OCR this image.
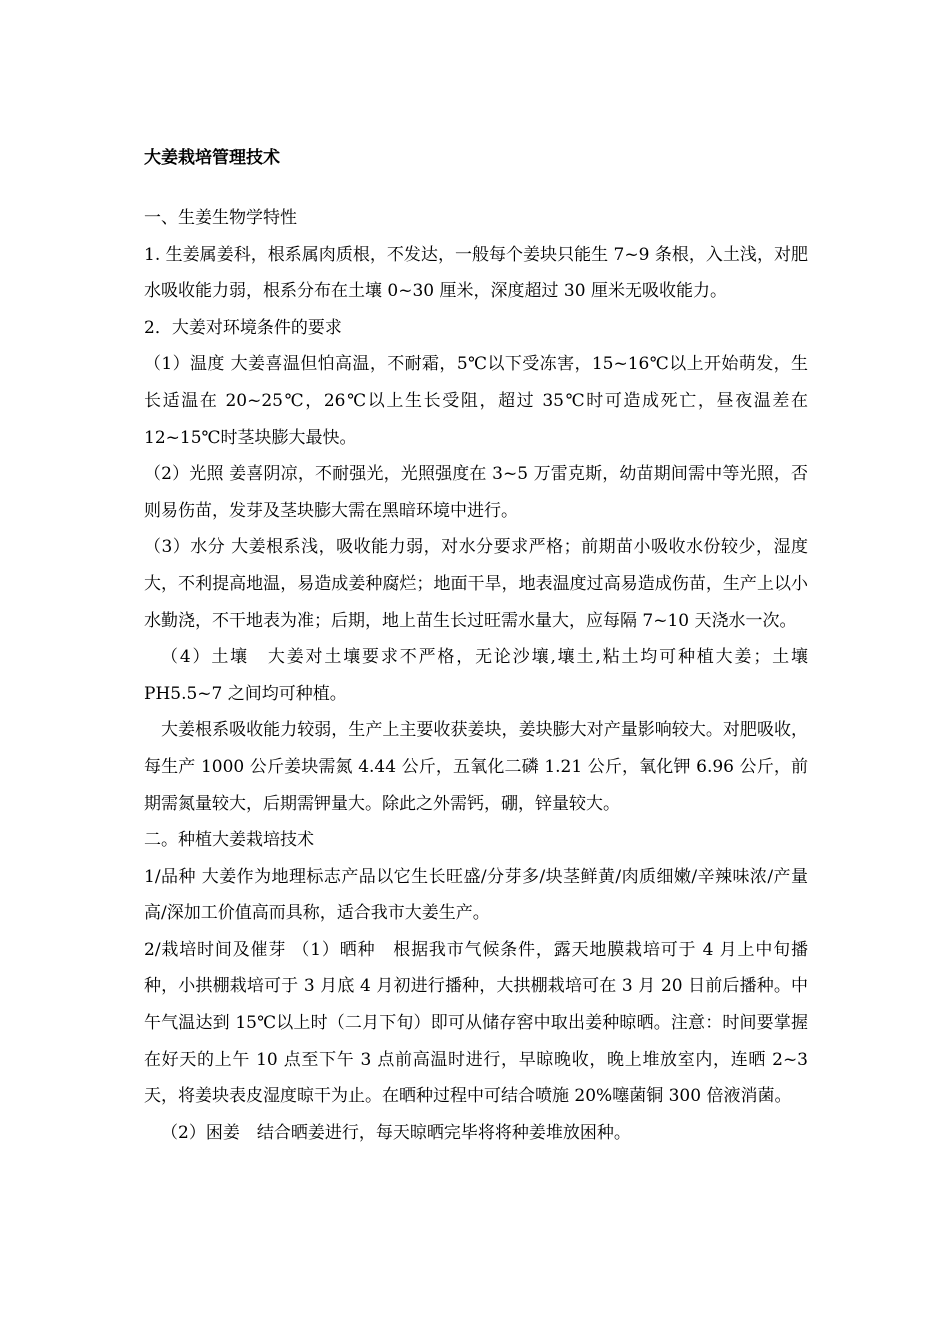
大姜栽培管理技术

一、生姜生物学特性

1. 生姜属姜科，根系属肉质根，不发达，一般每个姜块只能生 7~9 条根，入土浅，对肥水吸收能力弱，根系分布在土壤 0~30 厘米，深度超过 30 厘米无吸收能力。

2．大姜对环境条件的要求

（1）温度 大姜喜温但怕高温，不耐霜，5℃以下受冻害，15~16℃以上开始萌发，生长适温在 20~25℃，26℃以上生长受阻，超过 35℃时可造成死亡，昼夜温差在 12~15℃时茎块膨大最快。

（2）光照 姜喜阴凉，不耐强光，光照强度在 3~5 万雷克斯，幼苗期间需中等光照，否则易伤苗，发芽及茎块膨大需在黑暗环境中进行。

（3）水分 大姜根系浅，吸收能力弱，对水分要求严格；前期苗小吸收水份较少，湿度大，不利提高地温，易造成姜种腐烂；地面干旱，地表温度过高易造成伤苗，生产上以小水勤浇，不干地表为准；后期，地上苗生长过旺需水量大，应每隔 7~10 天浇水一次。

（4）土壤　大姜对土壤要求不严格，无论沙壤,壤土,粘土均可种植大姜；土壤 PH5.5~7 之间均可种植。

大姜根系吸收能力较弱，生产上主要收获姜块，姜块膨大对产量影响较大。对肥吸收，每生产 1000 公斤姜块需氮 4.44 公斤，五氧化二磷 1.21 公斤，氧化钾 6.96 公斤，前期需氮量较大，后期需钾量大。除此之外需钙，硼，锌量较大。

二。种植大姜栽培技术

1/品种 大姜作为地理标志产品以它生长旺盛/分芽多/块茎鲜黄/肉质细嫩/辛辣味浓/产量高/深加工价值高而具称，适合我市大姜生产。

2/栽培时间及催芽 （1）晒种　根据我市气候条件，露天地膜栽培可于 4 月上中旬播种，小拱棚栽培可于 3 月底 4 月初进行播种，大拱棚栽培可在 3 月 20 日前后播种。中午气温达到 15℃以上时（二月下旬）即可从储存窖中取出姜种晾晒。注意：时间要掌握在好天的上午 10 点至下午 3 点前高温时进行，早晾晚收，晚上堆放室内，连晒 2~3 天，将姜块表皮湿度晾干为止。在晒种过程中可结合喷施 20%噻菌铜 300 倍液消菌。

（2）困姜　结合晒姜进行，每天晾晒完毕将将种姜堆放困种。
